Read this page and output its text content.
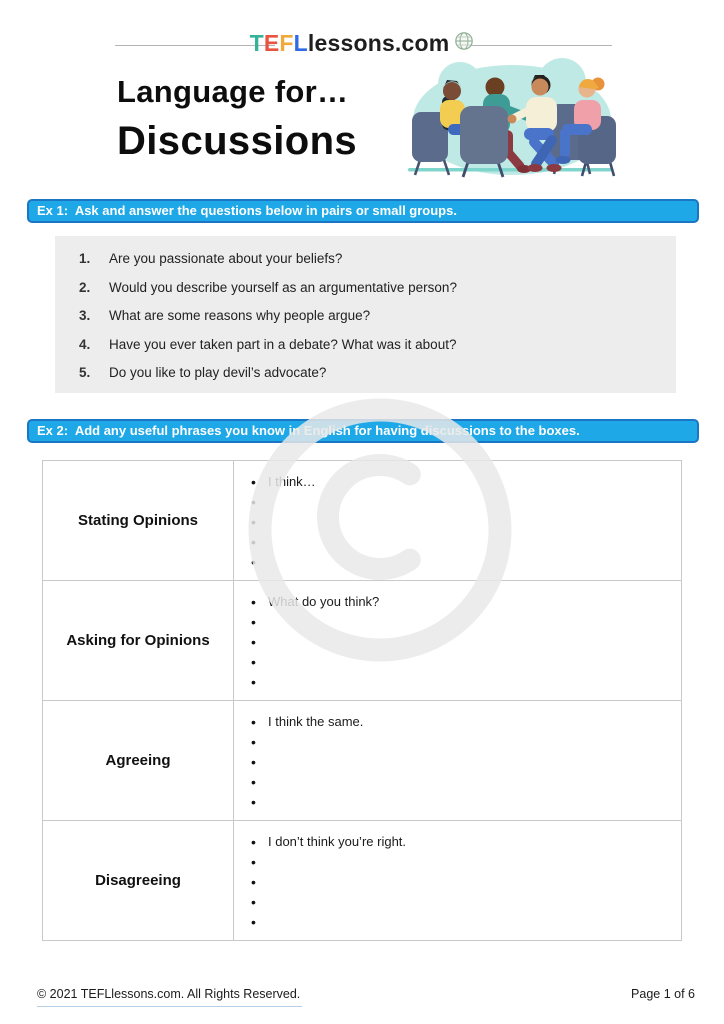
TEFLlessons.com
Language for…
Discussions
Ex 1:  Ask and answer the questions below in pairs or small groups.
1.	Are you passionate about your beliefs?
2.	Would you describe yourself as an argumentative person?
3.	What are some reasons why people argue?
4.	Have you ever taken part in a debate? What was it about?
5.	Do you like to play devil’s advocate?
Ex 2:  Add any useful phrases you know in English for having discussions to the boxes.
Stating Opinions
• I think…
•
•
•
•
Asking for Opinions
• What do you think?
•
•
•
•
Agreeing
• I think the same.
•
•
•
•
Disagreeing
• I don’t think you’re right.
•
•
•
•
© 2021 TEFLlessons.com. All Rights Reserved.	Page 1 of 6
